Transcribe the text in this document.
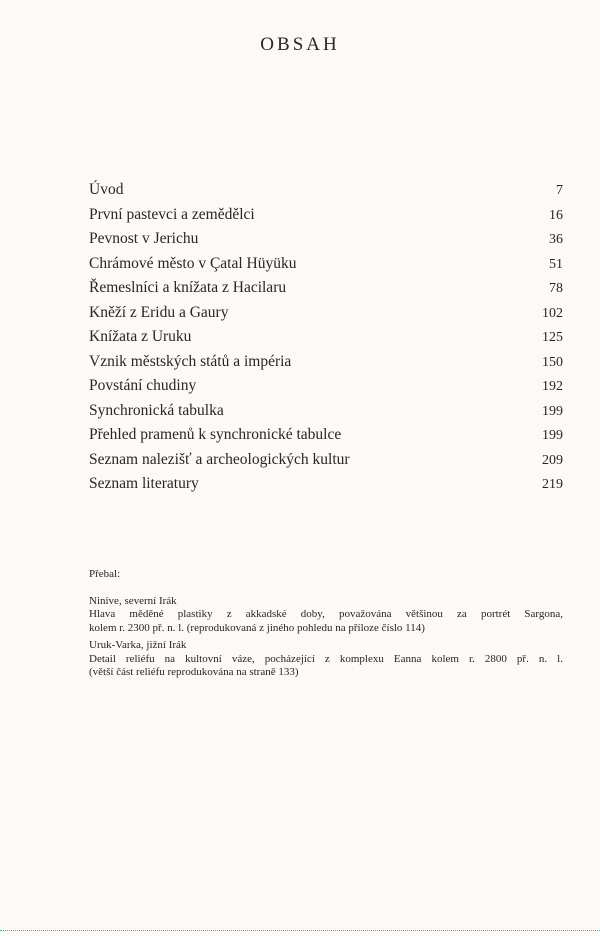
OBSAH
Úvod	7
První pastevci a zemědělci	16
Pevnost v Jerichu	36
Chrámové město v Çatal Hüyüku	51
Řemeslníci a knížata z Hacilaru	78
Kněží z Eridu a Gaury	102
Knížata z Uruku	125
Vznik městských států a impéria	150
Povstání chudiny	192
Synchronická tabulka	199
Přehled pramenů k synchronické tabulce	199
Seznam nalezišť a archeologických kultur	209
Seznam literatury	219
Přebal:
Ninive, severní Irák
Hlava měděné plastiky z akkadské doby, považována většinou za portrét Sargona,
kolem r. 2300 př. n. l. (reprodukovaná z jiného pohledu na příloze číslo 114)
Uruk-Varka, jižní Irák
Detail reliéfu na kultovní váze, pocházející z komplexu Eanna kolem r. 2800 př. n. l.
(větší část reliéfu reprodukována na straně 133)
